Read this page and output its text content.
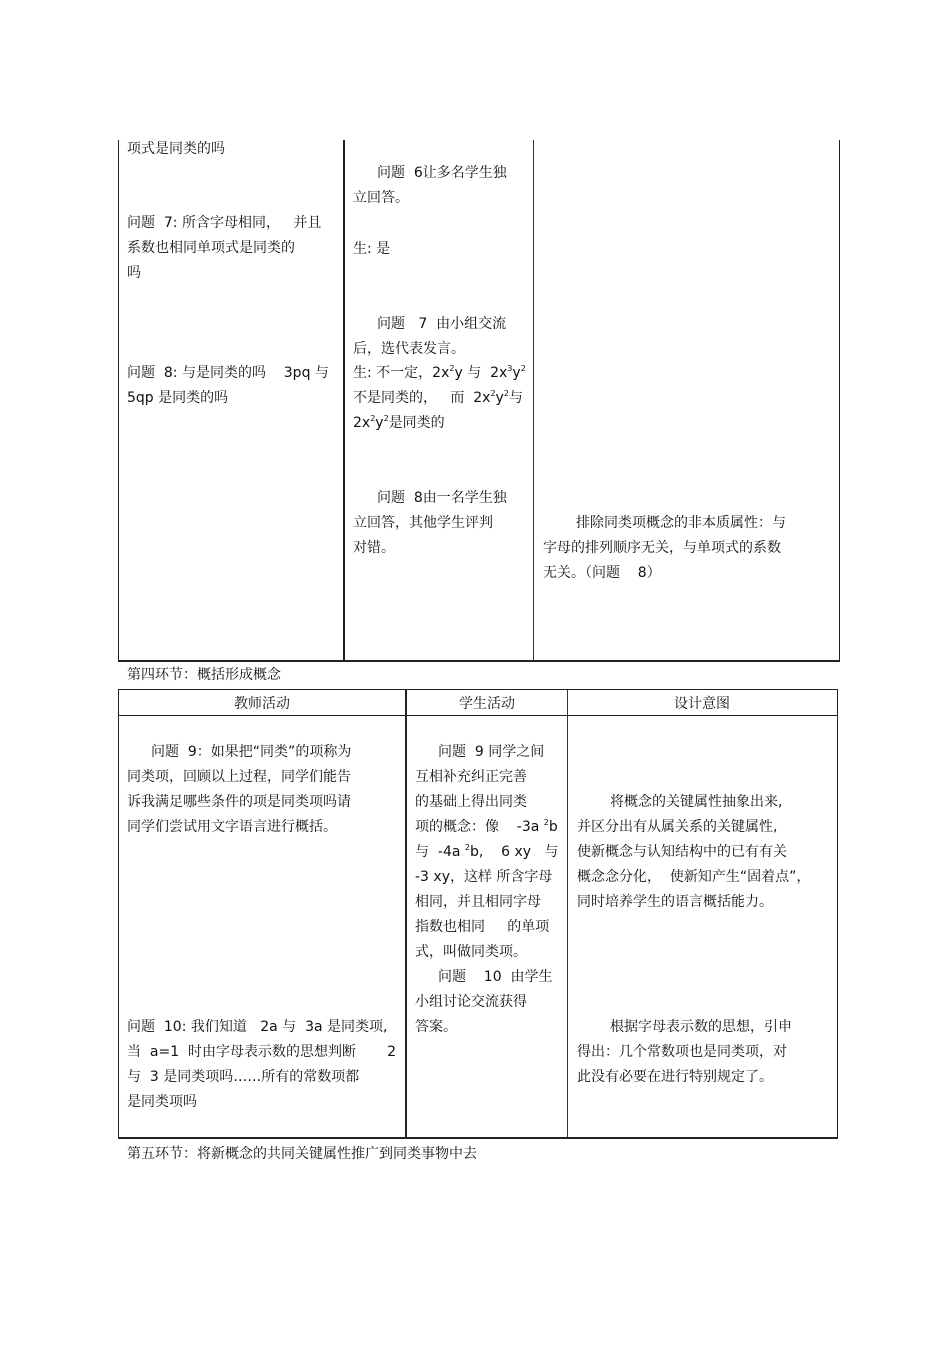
项式是同类的吗
问题  7: 所含字母相同，   并且
系数也相同单项式是同类的
吗
问题  8: 与是同类的吗    3pq 与
5qp 是同类的吗
问题  6让多名学生独
立回答。
生: 是
问题   7  由小组交流
后，选代表发言。
生: 不一定，$2x^2y$ 与  $2x^3y^2$
不是同类的，   而  $2x^2y^2$与
$2x^2y^2$是同类的
问题  8由一名学生独
立回答，其他学生评判
对错。
排除同类项概念的非本质属性：与
字母的排列顺序无关，与单项式的系数
无关。（问题    8）
第四环节：概括形成概念
教师活动	学生活动	设计意图
问题  9：如果把“同类”的项称为
同类项，回顾以上过程，同学们能告
诉我满足哪些条件的项是同类项吗请
同学们尝试用文字语言进行概括。
问题  10: 我们知道   2a 与  3a 是同类项,
当  a=1  时由字母表示数的思想判断       2
与  3 是同类项吗……所有的常数项都
是同类项吗
问题  9 同学之间
互相补充纠正完善
的基础上得出同类
项的概念：像    -3a $^2$b
与  -4a $^2$b,    6 xy   与
-3 xy，这样 所含字母
相同，并且相同字母
指数也相同     的单项
式，叫做同类项。
问题    10  由学生
小组讨论交流获得
答案。
将概念的关键属性抽象出来,
并区分出有从属关系的关键属性,
使新概念与认知结构中的已有有关
概念念分化，  使新知产生“固着点”，
同时培养学生的语言概括能力。
根据字母表示数的思想，引申
得出：几个常数项也是同类项，对
此没有必要在进行特别规定了。
第五环节：将新概念的共同关键属性推广到同类事物中去
